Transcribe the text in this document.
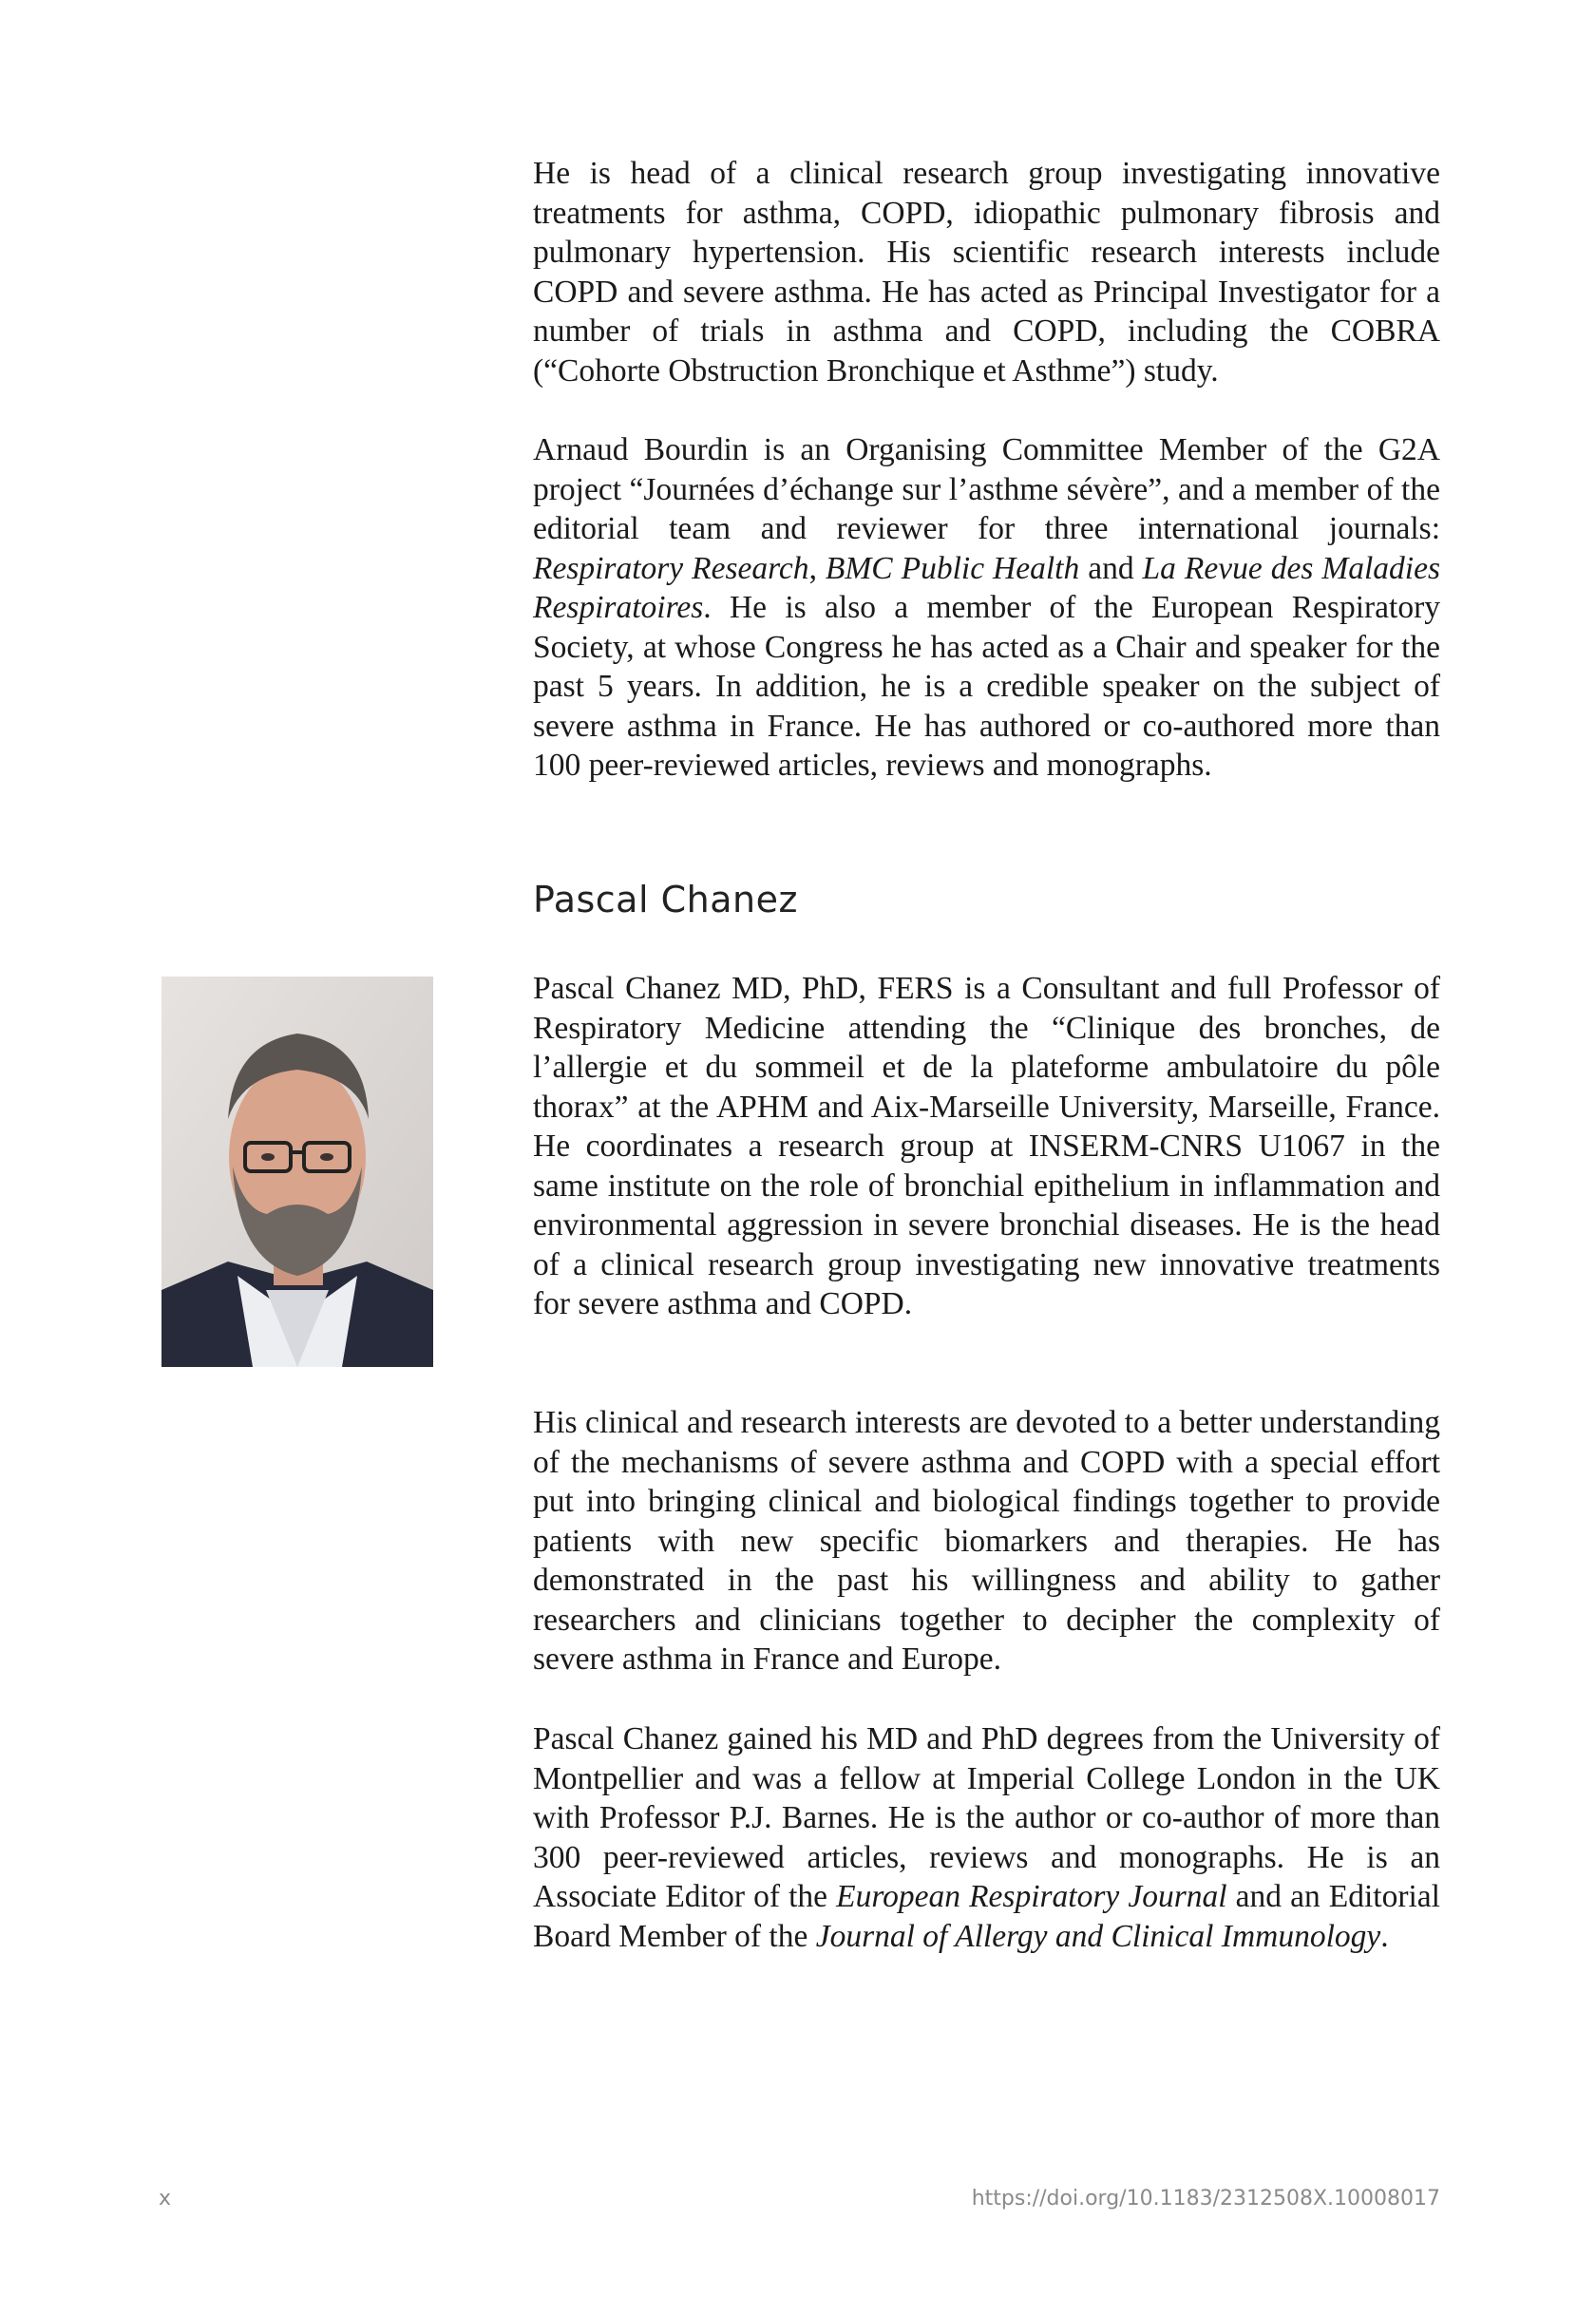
He is head of a clinical research group investigating innovative treatments for asthma, COPD, idiopathic pulmonary fibrosis and pulmonary hypertension. His scientific research interests include COPD and severe asthma. He has acted as Principal Investigator for a number of trials in asthma and COPD, including the COBRA (“Cohorte Obstruction Bronchique et Asthme”) study.

Arnaud Bourdin is an Organising Committee Member of the G2A project “Journées d’échange sur l’asthme sévère”, and a member of the editorial team and reviewer for three international journals: Respiratory Research, BMC Public Health and La Revue des Maladies Respiratoires. He is also a member of the European Respiratory Society, at whose Congress he has acted as a Chair and speaker for the past 5 years. In addition, he is a credible speaker on the subject of severe asthma in France. He has authored or co-authored more than 100 peer-reviewed articles, reviews and monographs.

Pascal Chanez

Pascal Chanez MD, PhD, FERS is a Consultant and full Professor of Respiratory Medicine attending the “Clinique des bronches, de l’allergie et du sommeil et de la plateforme ambulatoire du pôle thorax” at the APHM and Aix-Marseille University, Marseille, France. He coordinates a research group at INSERM-CNRS U1067 in the same institute on the role of bronchial epithelium in inflammation and environmental aggression in severe bronchial diseases. He is the head of a clinical research group investigating new innovative treatments for severe asthma and COPD.

His clinical and research interests are devoted to a better understanding of the mechanisms of severe asthma and COPD with a special effort put into bringing clinical and biological findings together to provide patients with new specific biomarkers and therapies. He has demonstrated in the past his willingness and ability to gather researchers and clinicians together to decipher the complexity of severe asthma in France and Europe.

Pascal Chanez gained his MD and PhD degrees from the University of Montpellier and was a fellow at Imperial College London in the UK with Professor P.J. Barnes. He is the author or co-author of more than 300 peer-reviewed articles, reviews and monographs. He is an Associate Editor of the European Respiratory Journal and an Editorial Board Member of the Journal of Allergy and Clinical Immunology.

x	https://doi.org/10.1183/2312508X.10008017
